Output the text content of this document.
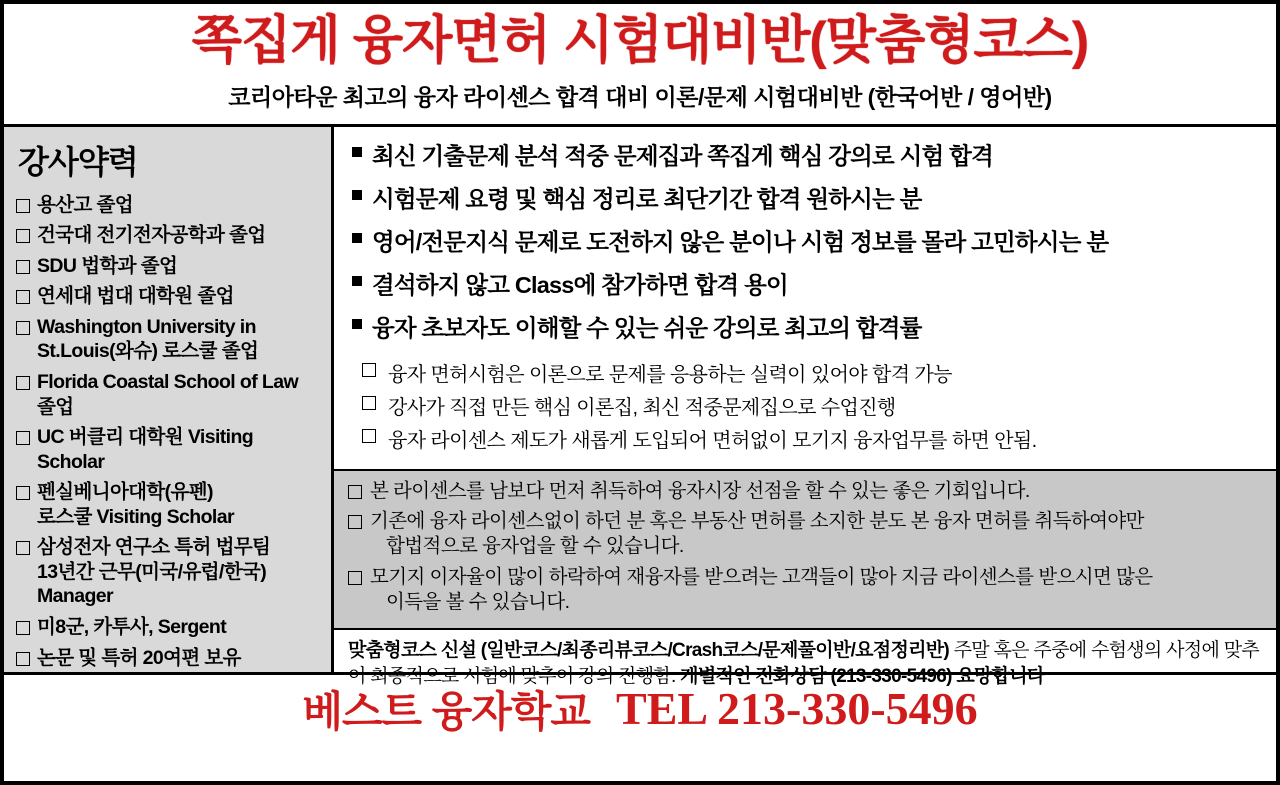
쪽집게 융자면허 시험대비반(맞춤형코스)
코리아타운 최고의 융자 라이센스 합격 대비 이론/문제 시험대비반 (한국어반 / 영어반)
강사약력
용산고 졸업
건국대 전기전자공학과 졸업
SDU 법학과 졸업
연세대 법대 대학원 졸업
Washington University in
St.Louis(와슈) 로스쿨 졸업
Florida Coastal School of Law 졸업
UC 버클리 대학원 Visiting Scholar
펜실베니아대학(유펜)
로스쿨 Visiting Scholar
삼성전자 연구소 특허 법무팀
13년간 근무(미국/유럽/한국)
Manager
미8군, 카투사, Sergent
논문 및 특허 20여편 보유
최신 기출문제 분석 적중 문제집과 쪽집게 핵심 강의로 시험 합격
시험문제 요령 및 핵심 정리로 최단기간 합격 원하시는 분
영어/전문지식 문제로 도전하지 않은 분이나 시험 정보를 몰라 고민하시는 분
결석하지 않고 Class에 참가하면 합격 용이
융자 초보자도 이해할 수 있는 쉬운 강의로 최고의 합격률
융자 면허시험은 이론으로 문제를 응용하는 실력이 있어야 합격 가능
강사가 직접 만든 핵심 이론집, 최신 적중문제집으로 수업진행
융자 라이센스 제도가 새롭게 도입되어 면허없이 모기지 융자업무를 하면 안됨.
본 라이센스를 남보다 먼저 취득하여 융자시장 선점을 할 수 있는 좋은 기회입니다.
기존에 융자 라이센스없이 하던 분 혹은 부동산 면허를 소지한 분도 본 융자 면허를 취득하여야만
합법적으로 융자업을 할 수 있습니다.
모기지 이자율이 많이 하락하여 재융자를 받으려는 고객들이 많아 지금 라이센스를 받으시면 많은
이득을 볼 수 있습니다.
맞춤형코스 신설 (일반코스/최종리뷰코스/Crash코스/문제풀이반/요점정리반) 주말 혹은 주중에 수험생의 사정에 맞추어 최종적으로 시험에 맞추어 강의 진행함. 개별적인 전화상담 (213-330-5496) 요망합니다
베스트 융자학교 TEL 213-330-5496
